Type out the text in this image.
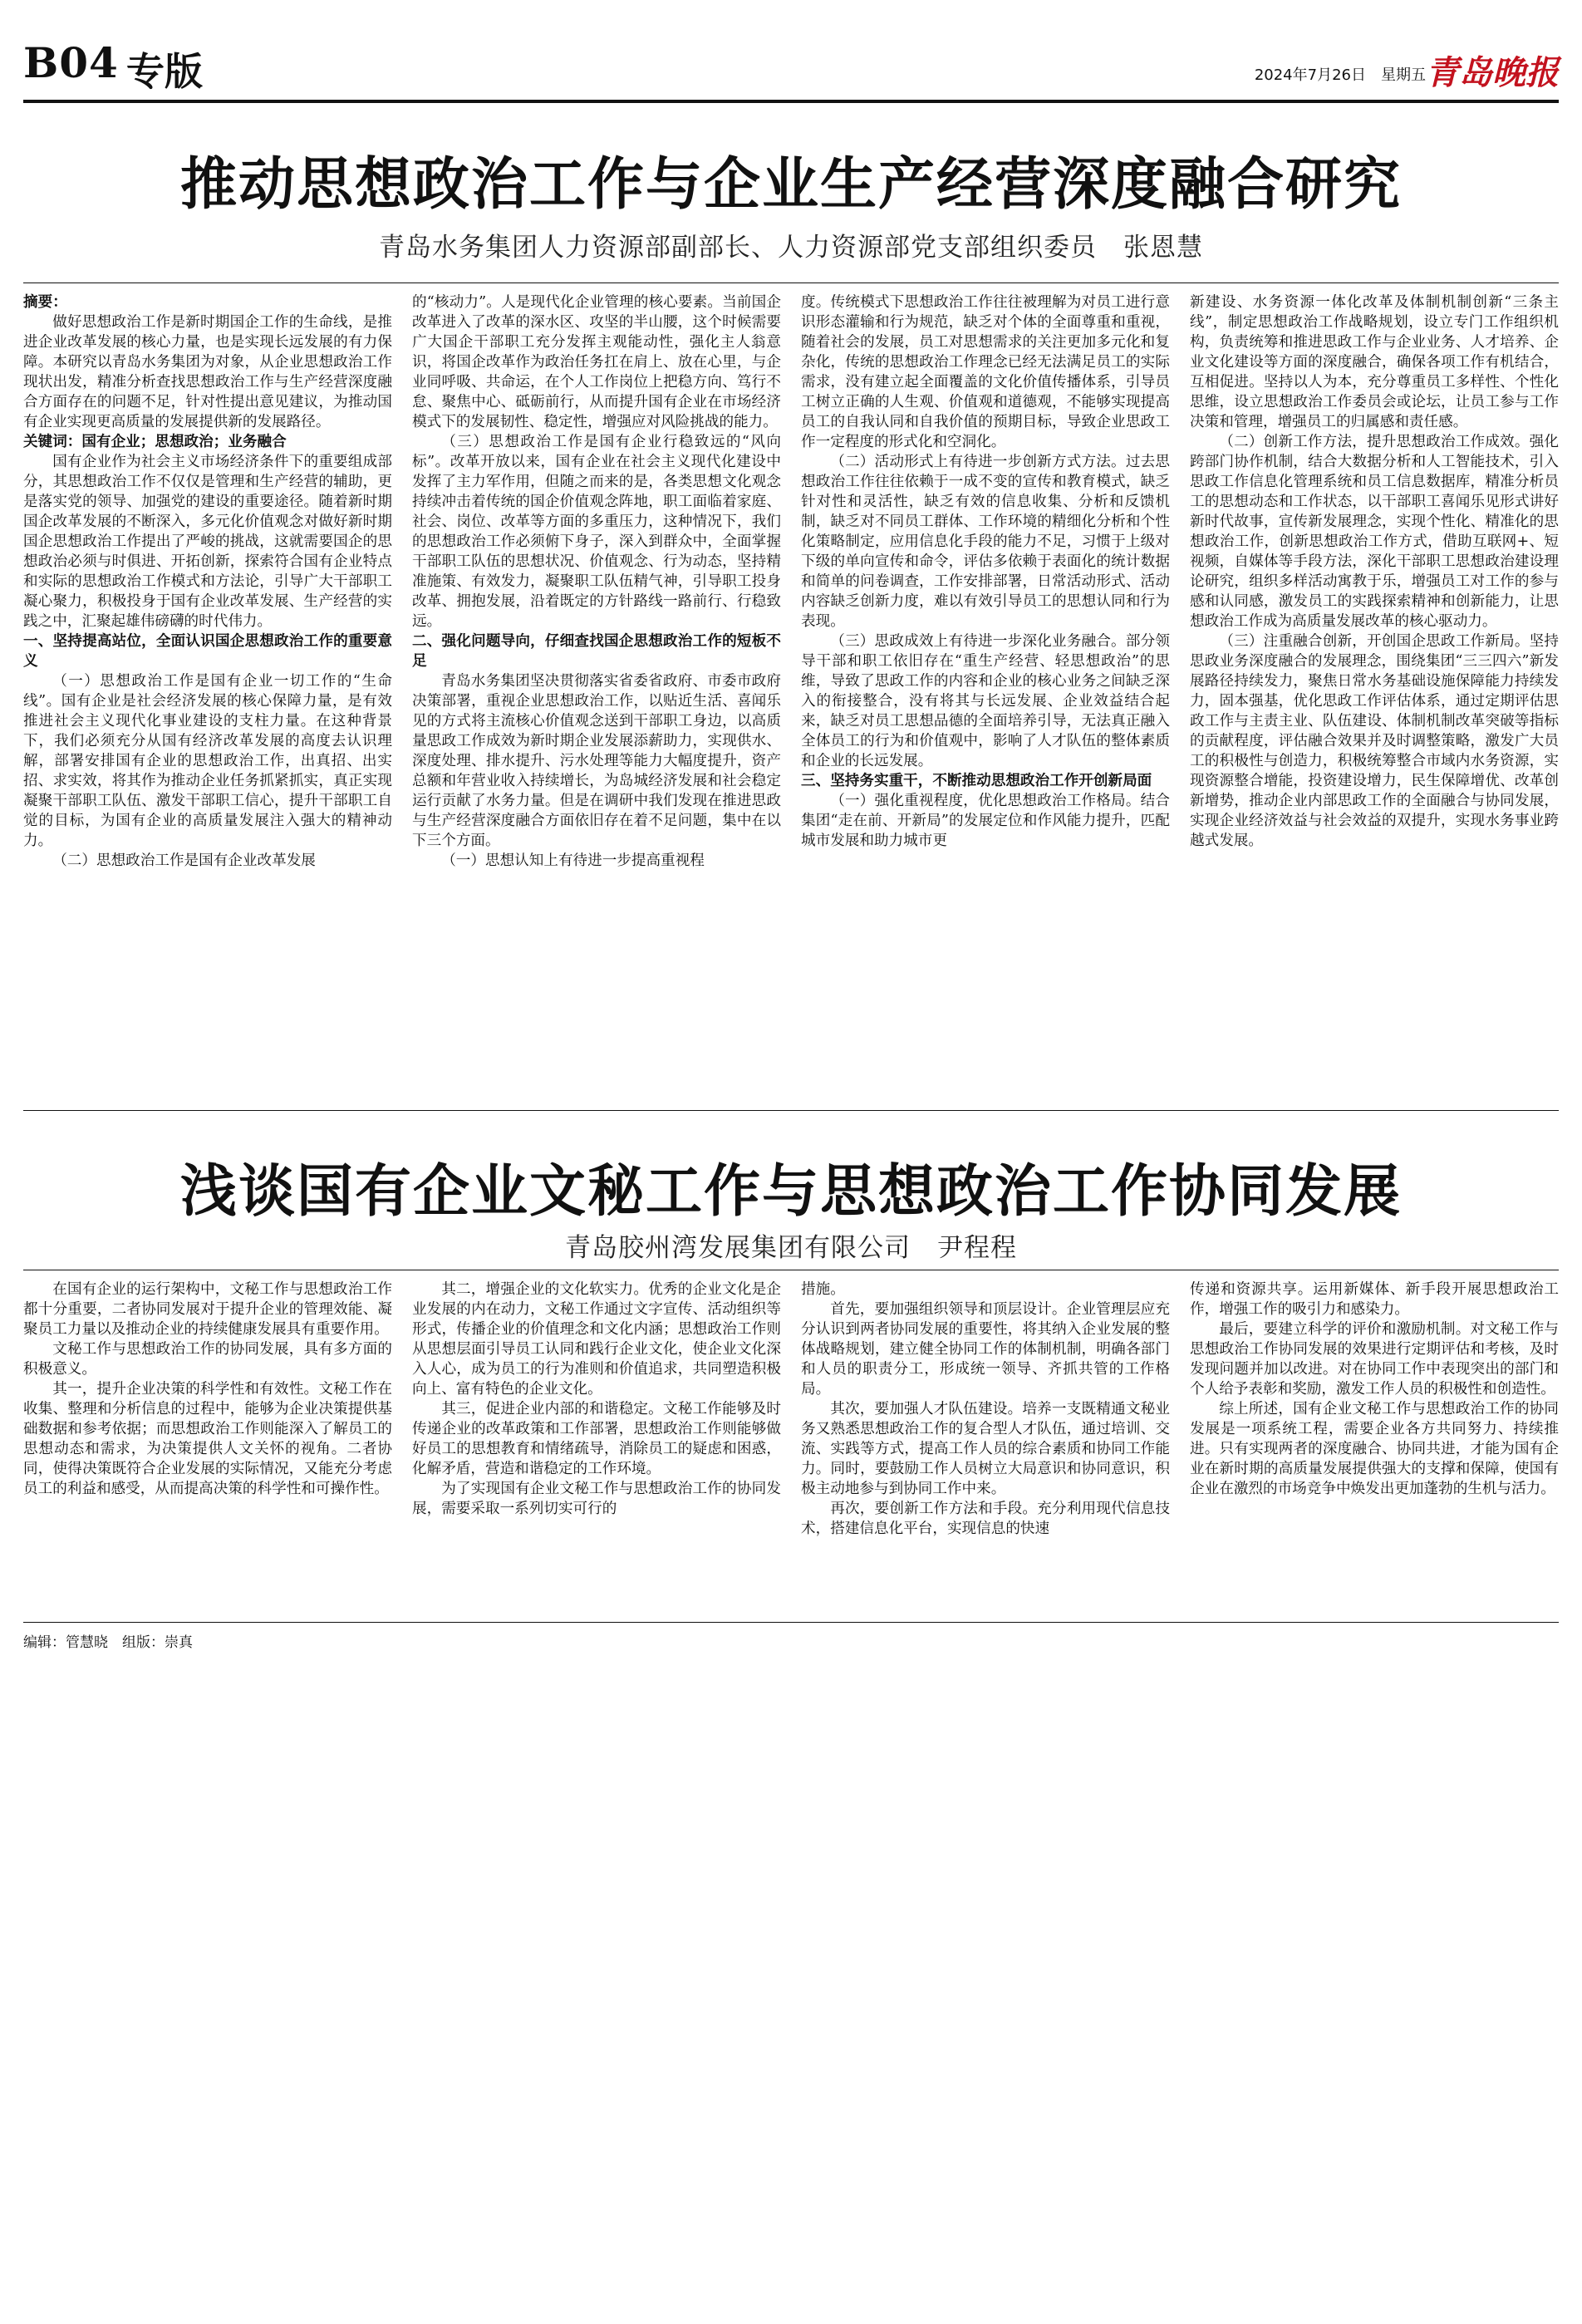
B04 专版	2024年7月26日 星期五 青岛晚报
推动思想政治工作与企业生产经营深度融合研究
青岛水务集团人力资源部副部长、人力资源部党支部组织委员　张恩慧

摘要：

做好思想政治工作是新时期国企工作的生命线，是推进企业改革发展的核心力量，也是实现长远发展的有力保障。本研究以青岛水务集团为对象，从企业思想政治工作现状出发，精准分析查找思想政治工作与生产经营深度融合方面存在的问题不足，针对性提出意见建议，为推动国有企业实现更高质量的发展提供新的发展路径。

关键词：国有企业；思想政治；业务融合

国有企业作为社会主义市场经济条件下的重要组成部分，其思想政治工作不仅仅是管理和生产经营的辅助，更是落实党的领导、加强党的建设的重要途径。随着新时期国企改革发展的不断深入，多元化价值观念对做好新时期国企思想政治工作提出了严峻的挑战，这就需要国企的思想政治必须与时俱进、开拓创新，探索符合国有企业特点和实际的思想政治工作模式和方法论，引导广大干部职工凝心聚力，积极投身于国有企业改革发展、生产经营的实践之中，汇聚起雄伟磅礴的时代伟力。

一、坚持提高站位，全面认识国企思想政治工作的重要意义

（一）思想政治工作是国有企业一切工作的“生命线”。国有企业是社会经济发展的核心保障力量，是有效推进社会主义现代化事业建设的支柱力量。在这种背景下，我们必须充分从国有经济改革发展的高度去认识理解，部署安排国有企业的思想政治工作，出真招、出实招、求实效，将其作为推动企业任务抓紧抓实，真正实现凝聚干部职工队伍、激发干部职工信心，提升干部职工自觉的目标，为国有企业的高质量发展注入强大的精神动力。

（二）思想政治工作是国有企业改革发展

的“核动力”。人是现代化企业管理的核心要素。当前国企改革进入了改革的深水区、攻坚的半山腰，这个时候需要广大国企干部职工充分发挥主观能动性，强化主人翁意识，将国企改革作为政治任务扛在肩上、放在心里，与企业同呼吸、共命运，在个人工作岗位上把稳方向、笃行不怠、聚焦中心、砥砺前行，从而提升国有企业在市场经济模式下的发展韧性、稳定性，增强应对风险挑战的能力。

（三）思想政治工作是国有企业行稳致远的“风向标”。改革开放以来，国有企业在社会主义现代化建设中发挥了主力军作用，但随之而来的是，各类思想文化观念持续冲击着传统的国企价值观念阵地，职工面临着家庭、社会、岗位、改革等方面的多重压力，这种情况下，我们的思想政治工作必须俯下身子，深入到群众中，全面掌握干部职工队伍的思想状况、价值观念、行为动态，坚持精准施策、有效发力，凝聚职工队伍精气神，引导职工投身改革、拥抱发展，沿着既定的方针路线一路前行、行稳致远。

二、强化问题导向，仔细查找国企思想政治工作的短板不足

青岛水务集团坚决贯彻落实省委省政府、市委市政府决策部署，重视企业思想政治工作，以贴近生活、喜闻乐见的方式将主流核心价值观念送到干部职工身边，以高质量思政工作成效为新时期企业发展添薪助力，实现供水、深度处理、排水提升、污水处理等能力大幅度提升，资产总额和年营业收入持续增长，为岛城经济发展和社会稳定运行贡献了水务力量。但是在调研中我们发现在推进思政与生产经营深度融合方面依旧存在着不足问题，集中在以下三个方面。

（一）思想认知上有待进一步提高重视程

度。传统模式下思想政治工作往往被理解为对员工进行意识形态灌输和行为规范，缺乏对个体的全面尊重和重视，随着社会的发展，员工对思想需求的关注更加多元化和复杂化，传统的思想政治工作理念已经无法满足员工的实际需求，没有建立起全面覆盖的文化价值传播体系，引导员工树立正确的人生观、价值观和道德观，不能够实现提高员工的自我认同和自我价值的预期目标，导致企业思政工作一定程度的形式化和空洞化。

（二）活动形式上有待进一步创新方式方法。过去思想政治工作往往依赖于一成不变的宣传和教育模式，缺乏针对性和灵活性，缺乏有效的信息收集、分析和反馈机制，缺乏对不同员工群体、工作环境的精细化分析和个性化策略制定，应用信息化手段的能力不足，习惯于上级对下级的单向宣传和命令，评估多依赖于表面化的统计数据和简单的问卷调查，工作安排部署，日常活动形式、活动内容缺乏创新力度，难以有效引导员工的思想认同和行为表现。

（三）思政成效上有待进一步深化业务融合。部分领导干部和职工依旧存在“重生产经营、轻思想政治”的思维，导致了思政工作的内容和企业的核心业务之间缺乏深入的衔接整合，没有将其与长远发展、企业效益结合起来，缺乏对员工思想品德的全面培养引导，无法真正融入全体员工的行为和价值观中，影响了人才队伍的整体素质和企业的长远发展。

三、坚持务实重干，不断推动思想政治工作开创新局面

（一）强化重视程度，优化思想政治工作格局。结合集团“走在前、开新局”的发展定位和作风能力提升，匹配城市发展和助力城市更

新建设、水务资源一体化改革及体制机制创新“三条主线”，制定思想政治工作战略规划，设立专门工作组织机构，负责统筹和推进思政工作与企业业务、人才培养、企业文化建设等方面的深度融合，确保各项工作有机结合，互相促进。坚持以人为本，充分尊重员工多样性、个性化思维，设立思想政治工作委员会或论坛，让员工参与工作决策和管理，增强员工的归属感和责任感。

（二）创新工作方法，提升思想政治工作成效。强化跨部门协作机制，结合大数据分析和人工智能技术，引入思政工作信息化管理系统和员工信息数据库，精准分析员工的思想动态和工作状态，以干部职工喜闻乐见形式讲好新时代故事，宣传新发展理念，实现个性化、精准化的思想政治工作，创新思想政治工作方式，借助互联网+、短视频，自媒体等手段方法，深化干部职工思想政治建设理论研究，组织多样活动寓教于乐，增强员工对工作的参与感和认同感，激发员工的实践探索精神和创新能力，让思想政治工作成为高质量发展改革的核心驱动力。

（三）注重融合创新，开创国企思政工作新局。坚持思政业务深度融合的发展理念，围绕集团“三三四六”新发展路径持续发力，聚焦日常水务基础设施保障能力持续发力，固本强基，优化思政工作评估体系，通过定期评估思政工作与主责主业、队伍建设、体制机制改革突破等指标的贡献程度，评估融合效果并及时调整策略，激发广大员工的积极性与创造力，积极统筹整合市域内水务资源，实现资源整合增能，投资建设增力，民生保障增优、改革创新增势，推动企业内部思政工作的全面融合与协同发展，实现企业经济效益与社会效益的双提升，实现水务事业跨越式发展。

浅谈国有企业文秘工作与思想政治工作协同发展
青岛胶州湾发展集团有限公司　尹程程

在国有企业的运行架构中，文秘工作与思想政治工作都十分重要，二者协同发展对于提升企业的管理效能、凝聚员工力量以及推动企业的持续健康发展具有重要作用。

文秘工作与思想政治工作的协同发展，具有多方面的积极意义。

其一，提升企业决策的科学性和有效性。文秘工作在收集、整理和分析信息的过程中，能够为企业决策提供基础数据和参考依据；而思想政治工作则能深入了解员工的思想动态和需求，为决策提供人文关怀的视角。二者协同，使得决策既符合企业发展的实际情况，又能充分考虑员工的利益和感受，从而提高决策的科学性和可操作性。

其二，增强企业的文化软实力。优秀的企业文化是企业发展的内在动力，文秘工作通过文字宣传、活动组织等形式，传播企业的价值理念和文化内涵；思想政治工作则从思想层面引导员工认同和践行企业文化，使企业文化深入人心，成为员工的行为准则和价值追求，共同塑造积极向上、富有特色的企业文化。

其三，促进企业内部的和谐稳定。文秘工作能够及时传递企业的改革政策和工作部署，思想政治工作则能够做好员工的思想教育和情绪疏导，消除员工的疑虑和困惑，化解矛盾，营造和谐稳定的工作环境。

为了实现国有企业文秘工作与思想政治工作的协同发展，需要采取一系列切实可行的

措施。

首先，要加强组织领导和顶层设计。企业管理层应充分认识到两者协同发展的重要性，将其纳入企业发展的整体战略规划，建立健全协同工作的体制机制，明确各部门和人员的职责分工，形成统一领导、齐抓共管的工作格局。

其次，要加强人才队伍建设。培养一支既精通文秘业务又熟悉思想政治工作的复合型人才队伍，通过培训、交流、实践等方式，提高工作人员的综合素质和协同工作能力。同时，要鼓励工作人员树立大局意识和协同意识，积极主动地参与到协同工作中来。

再次，要创新工作方法和手段。充分利用现代信息技术，搭建信息化平台，实现信息的快速

传递和资源共享。运用新媒体、新手段开展思想政治工作，增强工作的吸引力和感染力。

最后，要建立科学的评价和激励机制。对文秘工作与思想政治工作协同发展的效果进行定期评估和考核，及时发现问题并加以改进。对在协同工作中表现突出的部门和个人给予表彰和奖励，激发工作人员的积极性和创造性。

综上所述，国有企业文秘工作与思想政治工作的协同发展是一项系统工程，需要企业各方共同努力、持续推进。只有实现两者的深度融合、协同共进，才能为国有企业在新时期的高质量发展提供强大的支撑和保障，使国有企业在激烈的市场竞争中焕发出更加蓬勃的生机与活力。

编辑：管慧晓　组版：崇真
